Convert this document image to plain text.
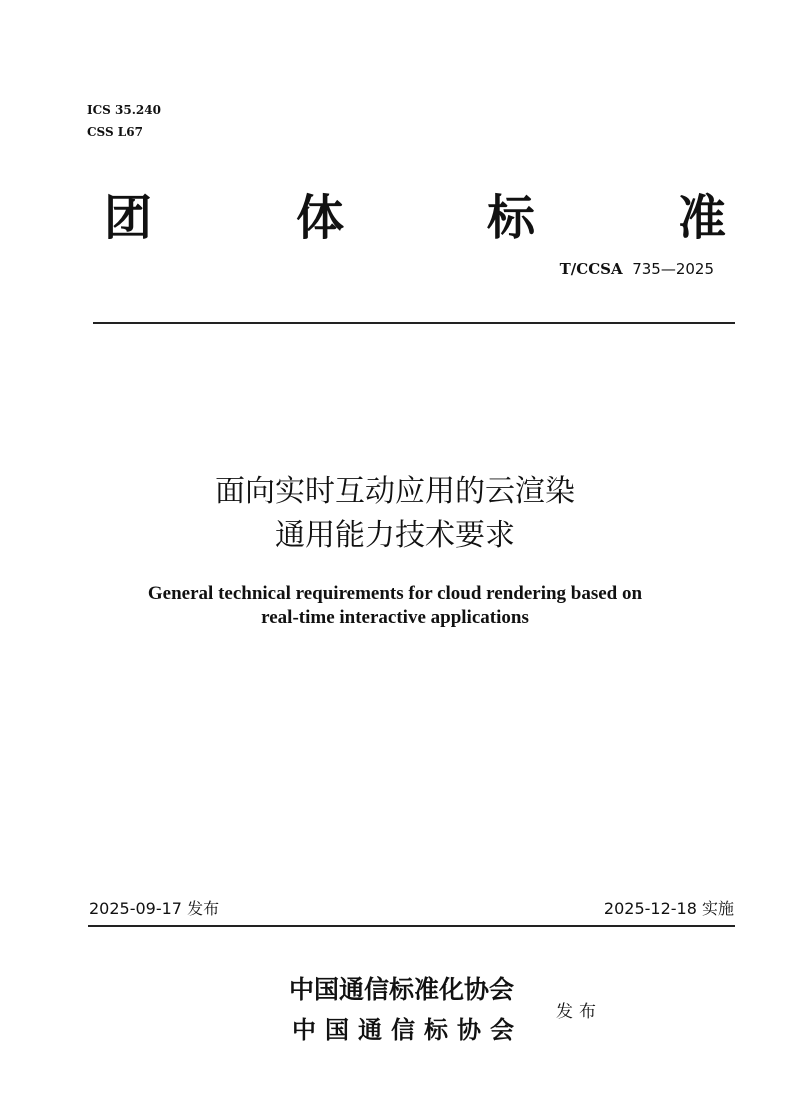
ICS 35.240
CSS L67
团	体	标	准
T/CCSA 735—2025
面向实时互动应用的云渲染
通用能力技术要求
General technical requirements for cloud rendering based on
real-time interactive applications
2025-09-17 发布	2025-12-18 实施
中国通信标准化协会
中国通信标协会
发布
